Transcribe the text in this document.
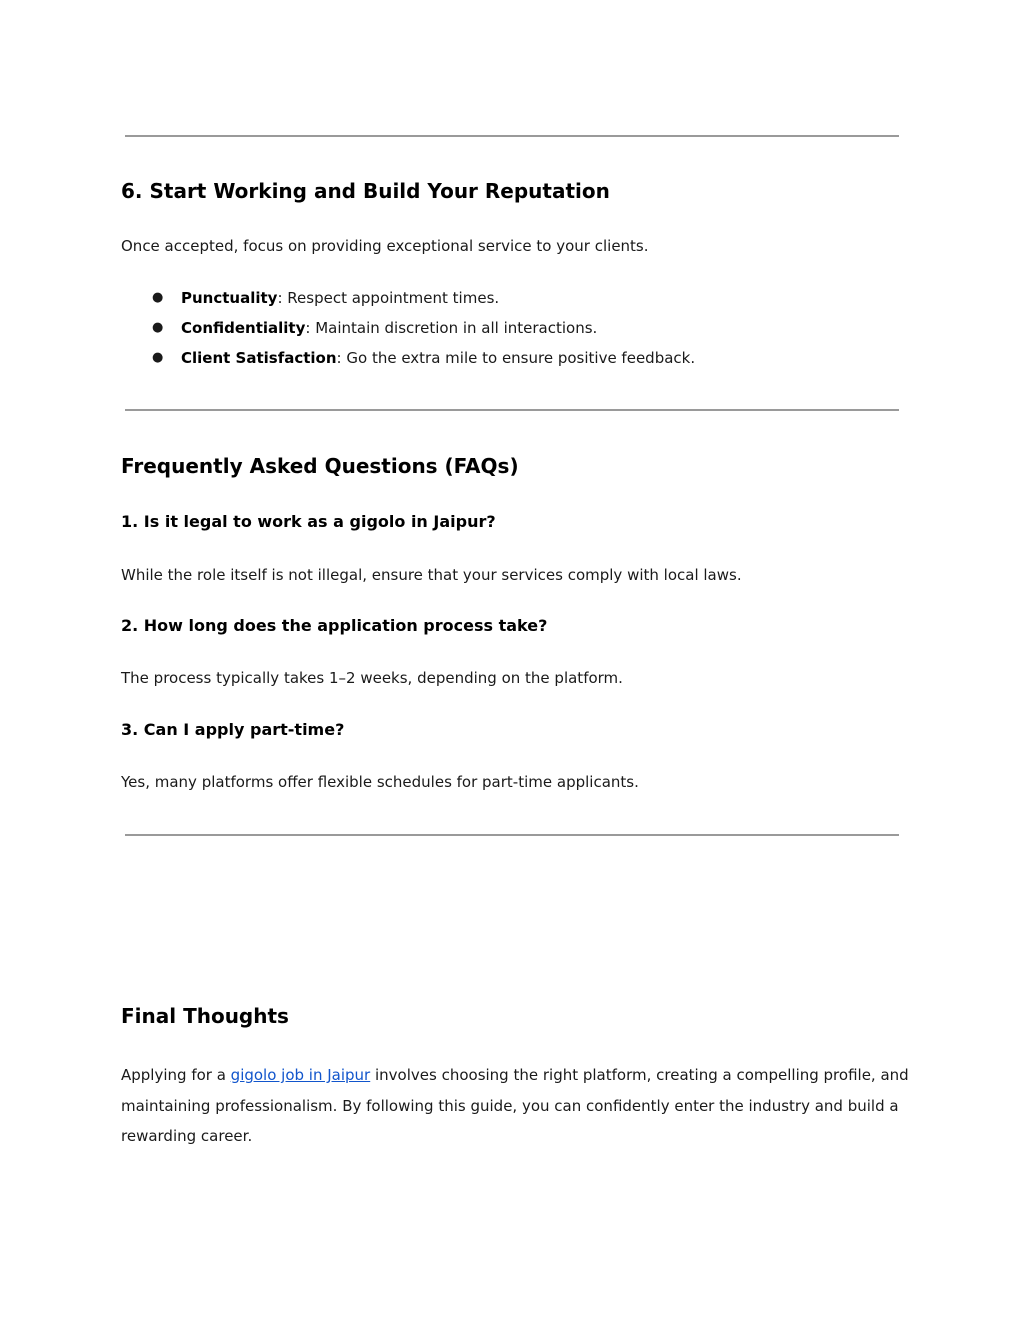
6. Start Working and Build Your Reputation

Once accepted, focus on providing exceptional service to your clients.

● Punctuality: Respect appointment times.
● Confidentiality: Maintain discretion in all interactions.
● Client Satisfaction: Go the extra mile to ensure positive feedback.
Frequently Asked Questions (FAQs)
1. Is it legal to work as a gigolo in Jaipur?

While the role itself is not illegal, ensure that your services comply with local laws.

2. How long does the application process take?

The process typically takes 1–2 weeks, depending on the platform.

3. Can I apply part-time?

Yes, many platforms offer flexible schedules for part-time applicants.

Final Thoughts

Applying for a gigolo job in Jaipur involves choosing the right platform, creating a compelling profile, and maintaining professionalism. By following this guide, you can confidently enter the industry and build a rewarding career.
